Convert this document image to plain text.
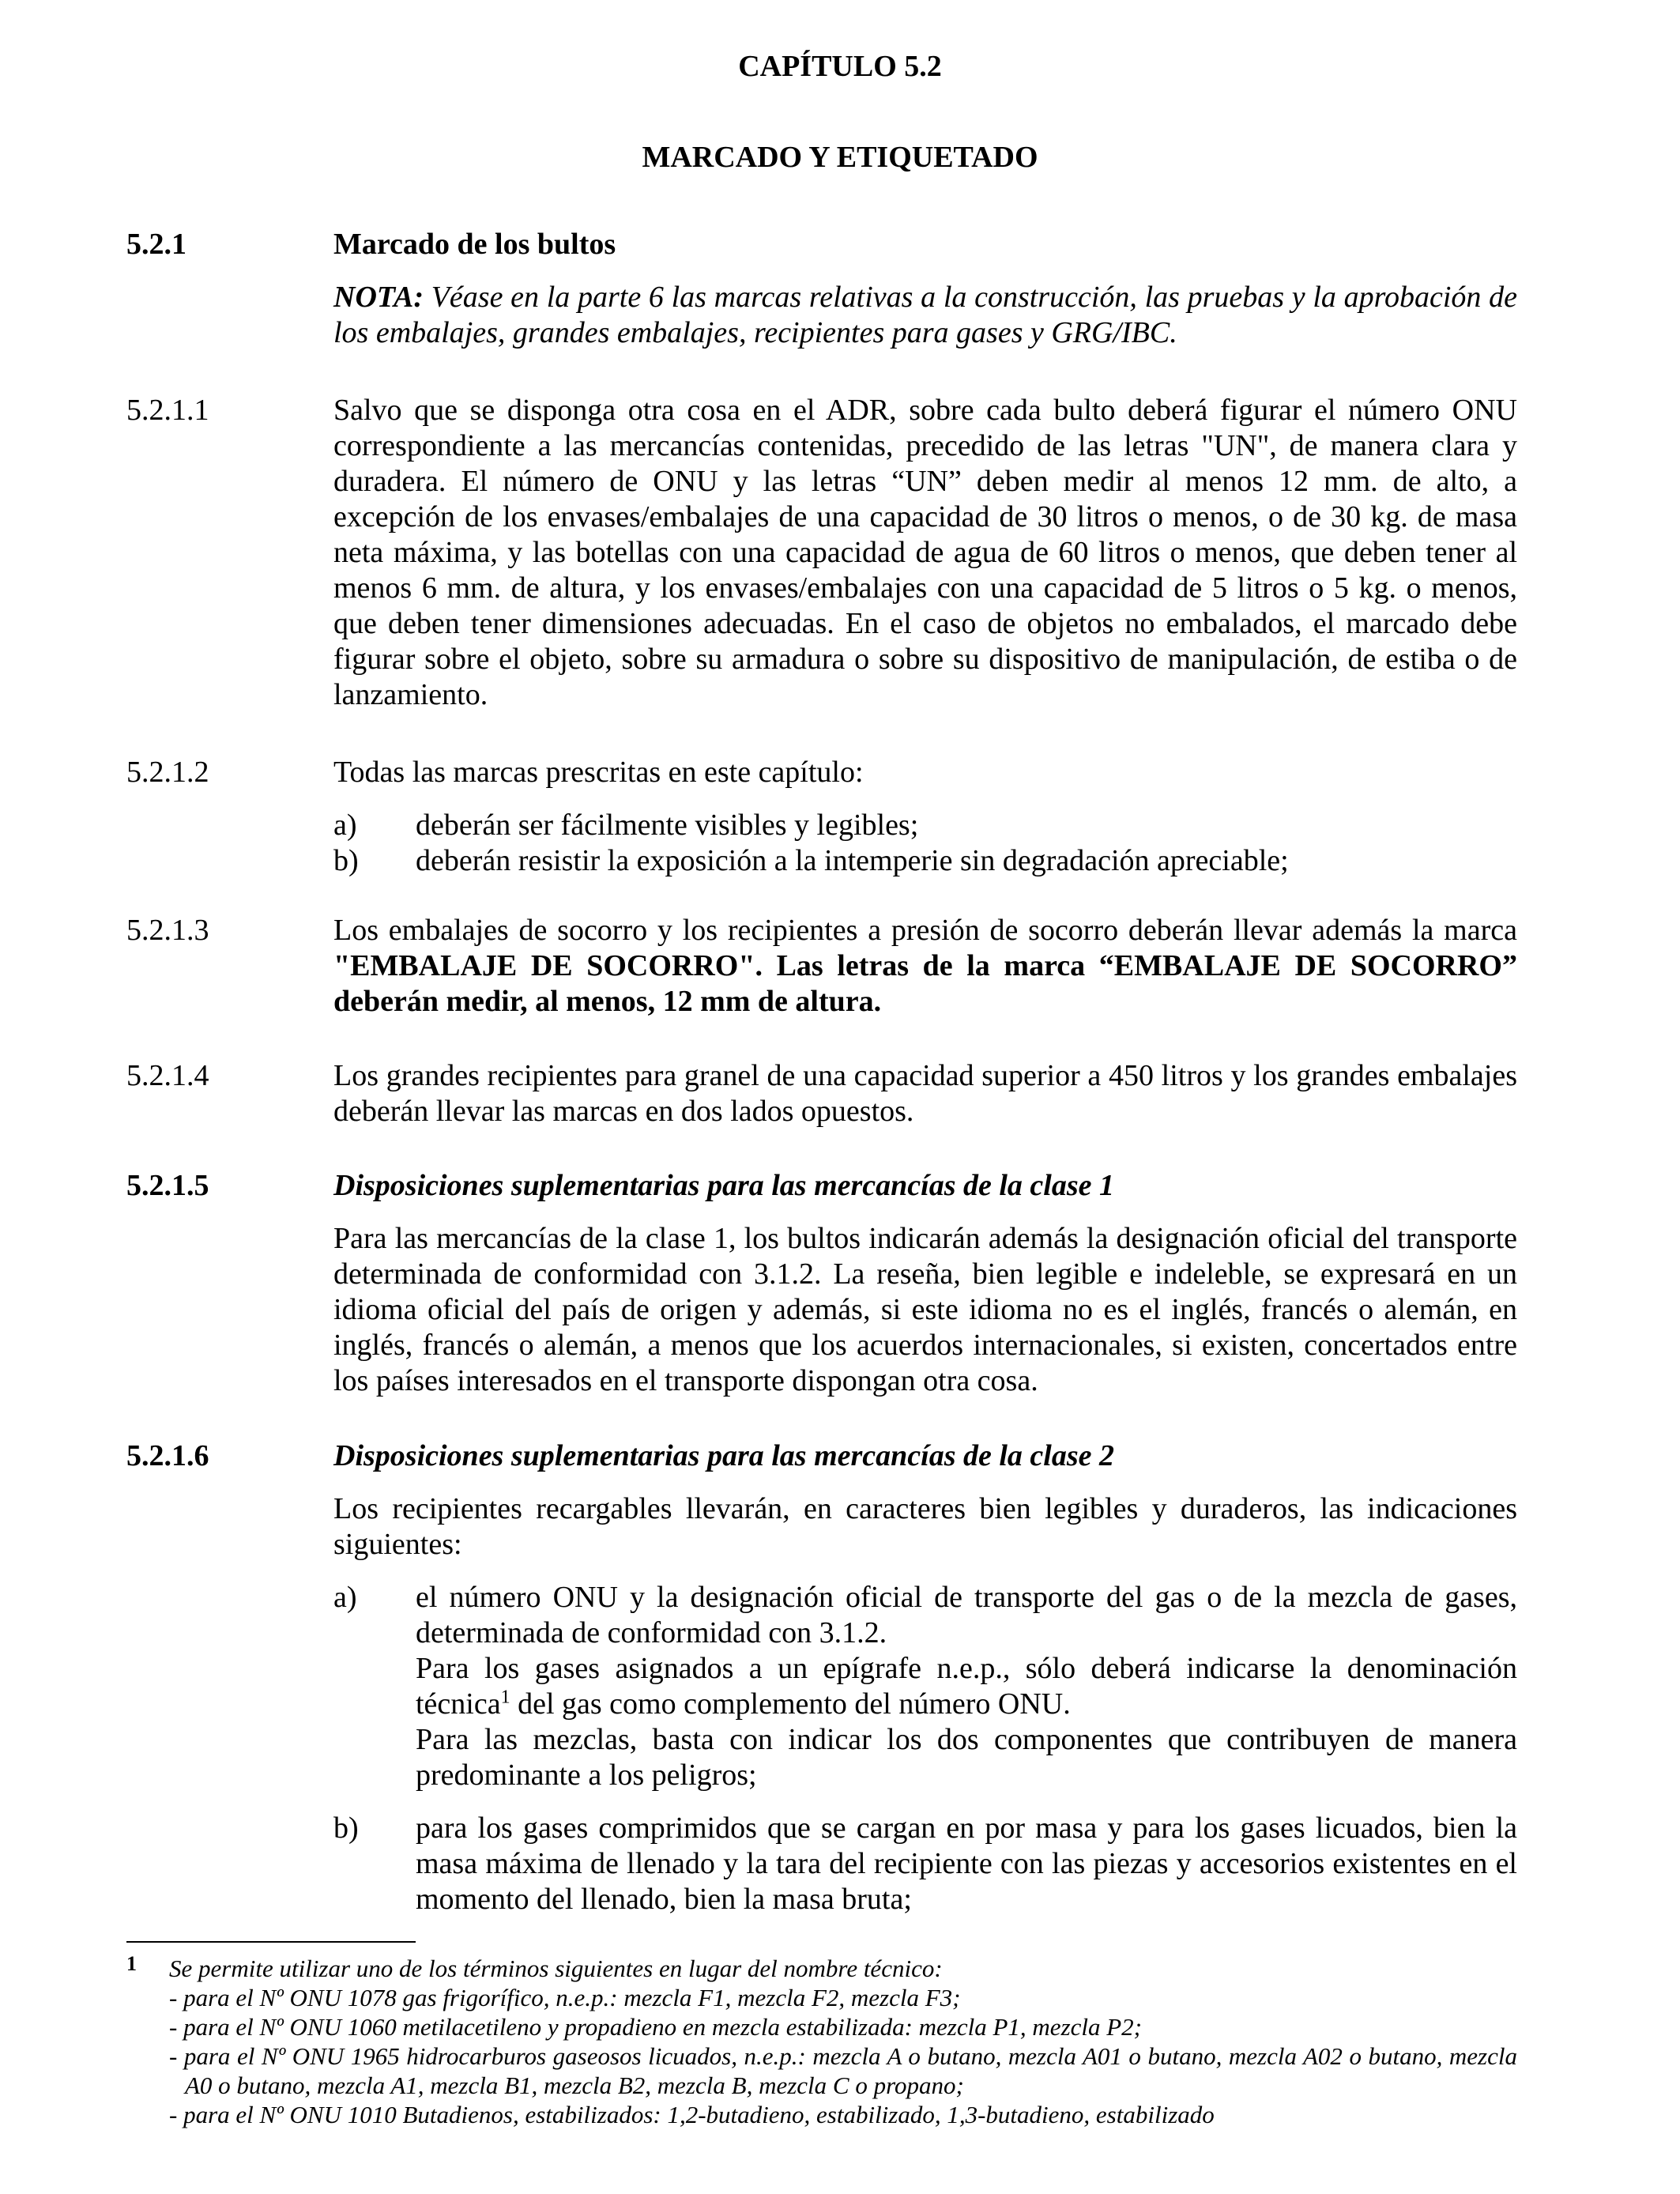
CAPÍTULO 5.2
MARCADO Y ETIQUETADO
5.2.1	Marcado de los bultos

NOTA: Véase en la parte 6 las marcas relativas a la construcción, las pruebas y la aprobación de los embalajes, grandes embalajes, recipientes para gases y GRG/IBC.

5.2.1.1	Salvo que se disponga otra cosa en el ADR, sobre cada bulto deberá figurar el número ONU correspondiente a las mercancías contenidas, precedido de las letras "UN", de manera clara y duradera. El número de ONU y las letras “UN” deben medir al menos 12 mm. de alto, a excepción de los envases/embalajes de una capacidad de 30 litros o menos, o de 30 kg. de masa neta máxima, y las botellas con una capacidad de agua de 60 litros o menos, que deben tener al menos 6 mm. de altura, y los envases/embalajes con una capacidad de 5 litros o 5 kg. o menos, que deben tener dimensiones adecuadas. En el caso de objetos no embalados, el marcado debe figurar sobre el objeto, sobre su armadura o sobre su dispositivo de manipulación, de estiba o de lanzamiento.

5.2.1.2	Todas las marcas prescritas en este capítulo:

a) deberán ser fácilmente visibles y legibles;
b) deberán resistir la exposición a la intemperie sin degradación apreciable;
5.2.1.3	Los embalajes de socorro y los recipientes a presión de socorro deberán llevar además la marca "EMBALAJE DE SOCORRO". Las letras de la marca “EMBALAJE DE SOCORRO” deberán medir, al menos, 12 mm de altura.

5.2.1.4	Los grandes recipientes para granel de una capacidad superior a 450 litros y los grandes embalajes deberán llevar las marcas en dos lados opuestos.

5.2.1.5	Disposiciones suplementarias para las mercancías de la clase 1

Para las mercancías de la clase 1, los bultos indicarán además la designación oficial del transporte determinada de conformidad con 3.1.2. La reseña, bien legible e indeleble, se expresará en un idioma oficial del país de origen y además, si este idioma no es el inglés, francés o alemán, en inglés, francés o alemán, a menos que los acuerdos internacionales, si existen, concertados entre los países interesados en el transporte dispongan otra cosa.

5.2.1.6	Disposiciones suplementarias para las mercancías de la clase 2

Los recipientes recargables llevarán, en caracteres bien legibles y duraderos, las indicaciones siguientes:

a) el número ONU y la designación oficial de transporte del gas o de la mezcla de gases, determinada de conformidad con 3.1.2.

Para los gases asignados a un epígrafe n.e.p., sólo deberá indicarse la denominación técnica$^1$ del gas como complemento del número ONU.

Para las mezclas, basta con indicar los dos componentes que contribuyen de manera predominante a los peligros;

b) para los gases comprimidos que se cargan en por masa y para los gases licuados, bien la masa máxima de llenado y la tara del recipiente con las piezas y accesorios existentes en el momento del llenado, bien la masa bruta;

1 Se permite utilizar uno de los términos siguientes en lugar del nombre técnico:
- para el Nº ONU 1078 gas frigorífico, n.e.p.: mezcla F1, mezcla F2, mezcla F3;
- para el Nº ONU 1060 metilacetileno y propadieno en mezcla estabilizada: mezcla P1, mezcla P2;
- para el Nº ONU 1965 hidrocarburos gaseosos licuados, n.e.p.: mezcla A o butano, mezcla A01 o butano, mezcla A02 o butano, mezcla A0 o butano, mezcla A1, mezcla B1, mezcla B2, mezcla B, mezcla C o propano;
- para el Nº ONU 1010 Butadienos, estabilizados: 1,2-butadieno, estabilizado, 1,3-butadieno, estabilizado
